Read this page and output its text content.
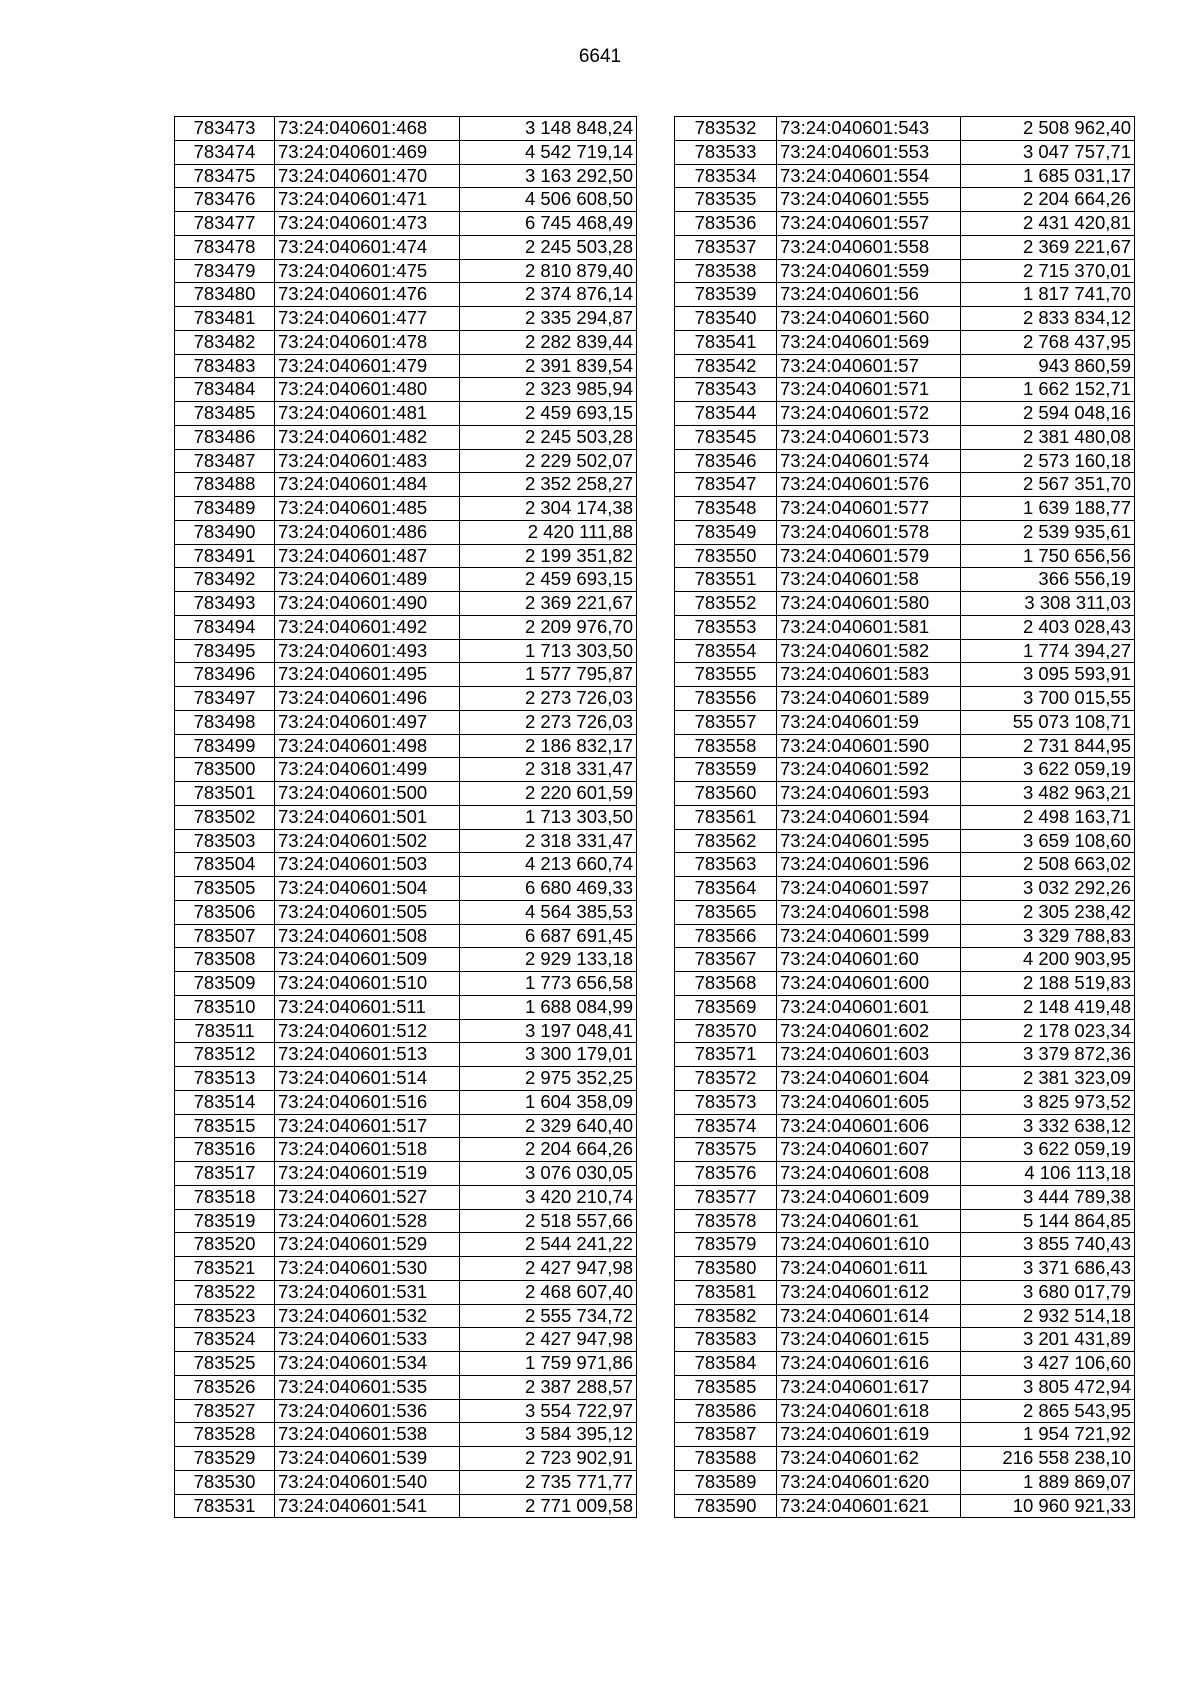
6641
783473	73:24:040601:468	3 148 848,24
783474	73:24:040601:469	4 542 719,14
783475	73:24:040601:470	3 163 292,50
783476	73:24:040601:471	4 506 608,50
783477	73:24:040601:473	6 745 468,49
783478	73:24:040601:474	2 245 503,28
783479	73:24:040601:475	2 810 879,40
783480	73:24:040601:476	2 374 876,14
783481	73:24:040601:477	2 335 294,87
783482	73:24:040601:478	2 282 839,44
783483	73:24:040601:479	2 391 839,54
783484	73:24:040601:480	2 323 985,94
783485	73:24:040601:481	2 459 693,15
783486	73:24:040601:482	2 245 503,28
783487	73:24:040601:483	2 229 502,07
783488	73:24:040601:484	2 352 258,27
783489	73:24:040601:485	2 304 174,38
783490	73:24:040601:486	2 420 111,88
783491	73:24:040601:487	2 199 351,82
783492	73:24:040601:489	2 459 693,15
783493	73:24:040601:490	2 369 221,67
783494	73:24:040601:492	2 209 976,70
783495	73:24:040601:493	1 713 303,50
783496	73:24:040601:495	1 577 795,87
783497	73:24:040601:496	2 273 726,03
783498	73:24:040601:497	2 273 726,03
783499	73:24:040601:498	2 186 832,17
783500	73:24:040601:499	2 318 331,47
783501	73:24:040601:500	2 220 601,59
783502	73:24:040601:501	1 713 303,50
783503	73:24:040601:502	2 318 331,47
783504	73:24:040601:503	4 213 660,74
783505	73:24:040601:504	6 680 469,33
783506	73:24:040601:505	4 564 385,53
783507	73:24:040601:508	6 687 691,45
783508	73:24:040601:509	2 929 133,18
783509	73:24:040601:510	1 773 656,58
783510	73:24:040601:511	1 688 084,99
783511	73:24:040601:512	3 197 048,41
783512	73:24:040601:513	3 300 179,01
783513	73:24:040601:514	2 975 352,25
783514	73:24:040601:516	1 604 358,09
783515	73:24:040601:517	2 329 640,40
783516	73:24:040601:518	2 204 664,26
783517	73:24:040601:519	3 076 030,05
783518	73:24:040601:527	3 420 210,74
783519	73:24:040601:528	2 518 557,66
783520	73:24:040601:529	2 544 241,22
783521	73:24:040601:530	2 427 947,98
783522	73:24:040601:531	2 468 607,40
783523	73:24:040601:532	2 555 734,72
783524	73:24:040601:533	2 427 947,98
783525	73:24:040601:534	1 759 971,86
783526	73:24:040601:535	2 387 288,57
783527	73:24:040601:536	3 554 722,97
783528	73:24:040601:538	3 584 395,12
783529	73:24:040601:539	2 723 902,91
783530	73:24:040601:540	2 735 771,77
783531	73:24:040601:541	2 771 009,58
783532	73:24:040601:543	2 508 962,40
783533	73:24:040601:553	3 047 757,71
783534	73:24:040601:554	1 685 031,17
783535	73:24:040601:555	2 204 664,26
783536	73:24:040601:557	2 431 420,81
783537	73:24:040601:558	2 369 221,67
783538	73:24:040601:559	2 715 370,01
783539	73:24:040601:56	1 817 741,70
783540	73:24:040601:560	2 833 834,12
783541	73:24:040601:569	2 768 437,95
783542	73:24:040601:57	943 860,59
783543	73:24:040601:571	1 662 152,71
783544	73:24:040601:572	2 594 048,16
783545	73:24:040601:573	2 381 480,08
783546	73:24:040601:574	2 573 160,18
783547	73:24:040601:576	2 567 351,70
783548	73:24:040601:577	1 639 188,77
783549	73:24:040601:578	2 539 935,61
783550	73:24:040601:579	1 750 656,56
783551	73:24:040601:58	366 556,19
783552	73:24:040601:580	3 308 311,03
783553	73:24:040601:581	2 403 028,43
783554	73:24:040601:582	1 774 394,27
783555	73:24:040601:583	3 095 593,91
783556	73:24:040601:589	3 700 015,55
783557	73:24:040601:59	55 073 108,71
783558	73:24:040601:590	2 731 844,95
783559	73:24:040601:592	3 622 059,19
783560	73:24:040601:593	3 482 963,21
783561	73:24:040601:594	2 498 163,71
783562	73:24:040601:595	3 659 108,60
783563	73:24:040601:596	2 508 663,02
783564	73:24:040601:597	3 032 292,26
783565	73:24:040601:598	2 305 238,42
783566	73:24:040601:599	3 329 788,83
783567	73:24:040601:60	4 200 903,95
783568	73:24:040601:600	2 188 519,83
783569	73:24:040601:601	2 148 419,48
783570	73:24:040601:602	2 178 023,34
783571	73:24:040601:603	3 379 872,36
783572	73:24:040601:604	2 381 323,09
783573	73:24:040601:605	3 825 973,52
783574	73:24:040601:606	3 332 638,12
783575	73:24:040601:607	3 622 059,19
783576	73:24:040601:608	4 106 113,18
783577	73:24:040601:609	3 444 789,38
783578	73:24:040601:61	5 144 864,85
783579	73:24:040601:610	3 855 740,43
783580	73:24:040601:611	3 371 686,43
783581	73:24:040601:612	3 680 017,79
783582	73:24:040601:614	2 932 514,18
783583	73:24:040601:615	3 201 431,89
783584	73:24:040601:616	3 427 106,60
783585	73:24:040601:617	3 805 472,94
783586	73:24:040601:618	2 865 543,95
783587	73:24:040601:619	1 954 721,92
783588	73:24:040601:62	216 558 238,10
783589	73:24:040601:620	1 889 869,07
783590	73:24:040601:621	10 960 921,33
